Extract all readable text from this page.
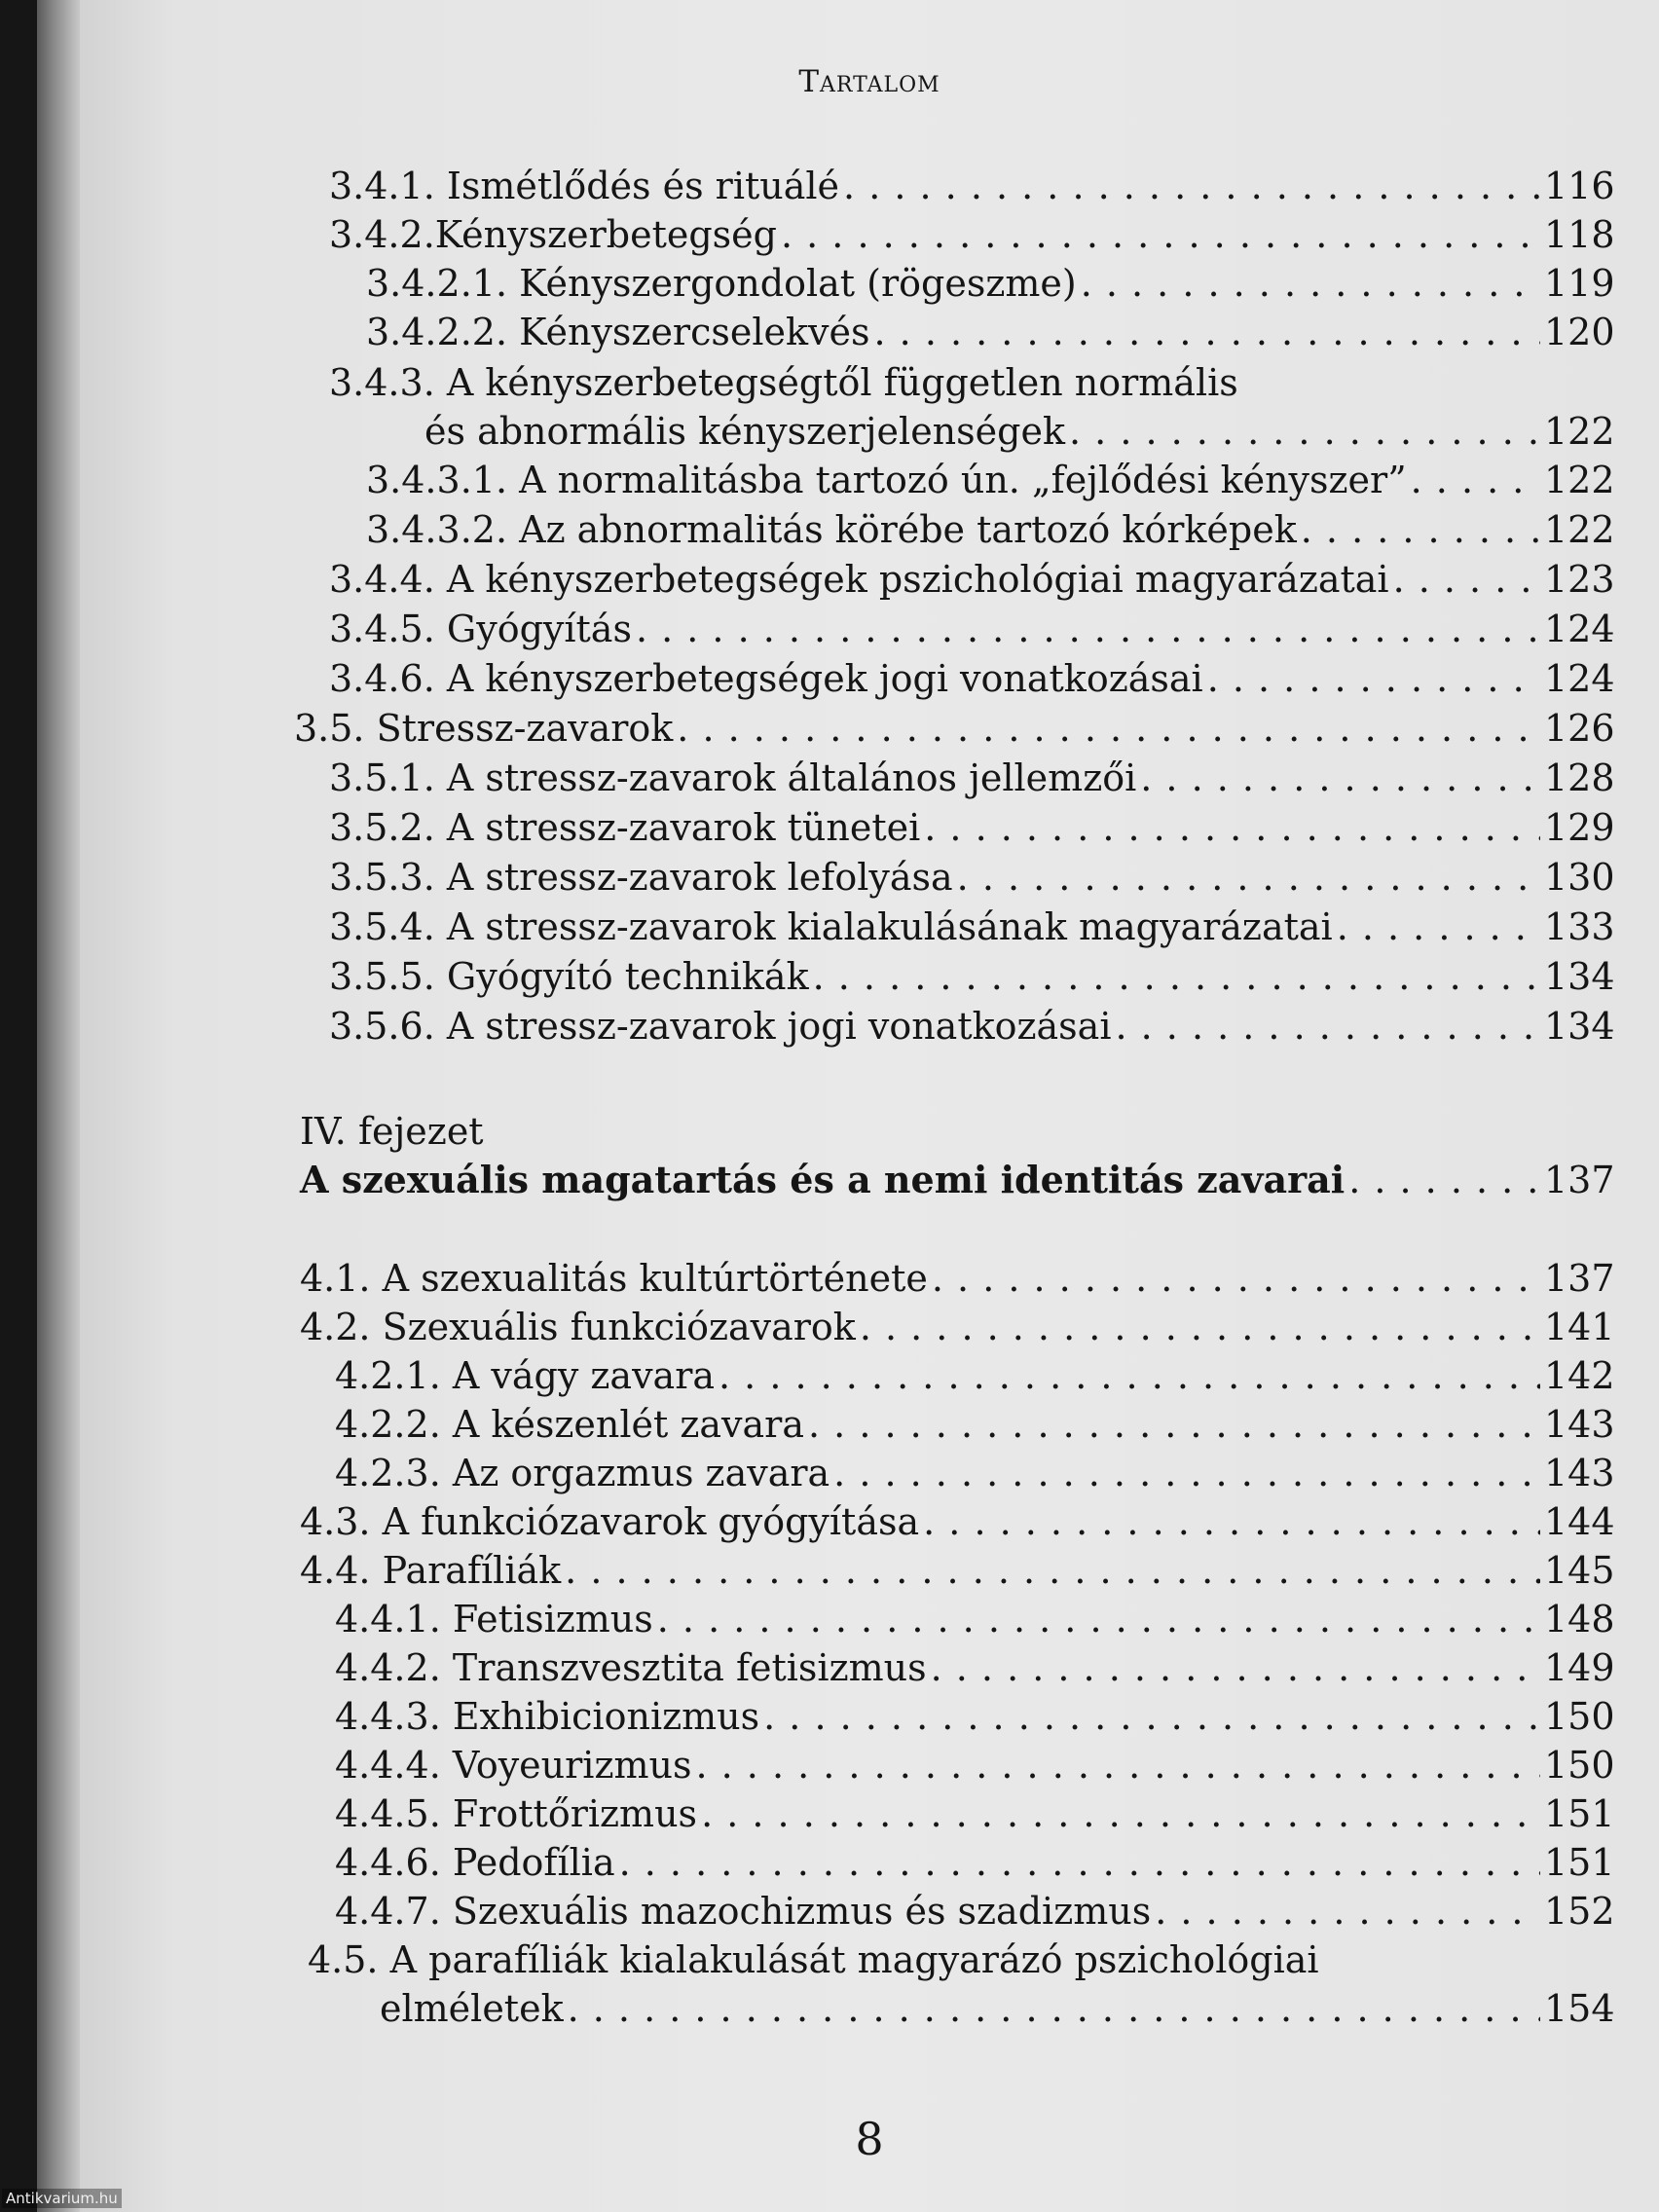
Tartalom
3.4.1. Ismétlődés és rituálé . . .	116
3.4.2.Kényszerbetegség . . .	118
3.4.2.1. Kényszergondolat (rögeszme) . . .	119
3.4.2.2. Kényszercselekvés . . .	120
3.4.3. A kényszerbetegségtől független normális
és abnormális kényszerjelenségek . . .	122
3.4.3.1. A normalitásba tartozó ún. „fejlődési kényszer” . . .	122
3.4.3.2. Az abnormalitás körébe tartozó kórképek . . .	122
3.4.4. A kényszerbetegségek pszichológiai magyarázatai . . .	123
3.4.5. Gyógyítás . . .	124
3.4.6. A kényszerbetegségek jogi vonatkozásai . . .	124
3.5. Stressz-zavarok . . .	126
3.5.1. A stressz-zavarok általános jellemzői . . .	128
3.5.2. A stressz-zavarok tünetei . . .	129
3.5.3. A stressz-zavarok lefolyása . . .	130
3.5.4. A stressz-zavarok kialakulásának magyarázatai . . .	133
3.5.5. Gyógyító technikák . . .	134
3.5.6. A stressz-zavarok jogi vonatkozásai . . .	134
IV. fejezet
A szexuális magatartás és a nemi identitás zavarai . . .	137
4.1. A szexualitás kultúrtörténete . . .	137
4.2. Szexuális funkciózavarok . . .	141
4.2.1. A vágy zavara . . .	142
4.2.2. A készenlét zavara . . .	143
4.2.3. Az orgazmus zavara . . .	143
4.3. A funkciózavarok gyógyítása . . .	144
4.4. Parafíliák . . .	145
4.4.1. Fetisizmus . . .	148
4.4.2. Transzvesztita fetisizmus . . .	149
4.4.3. Exhibicionizmus . . .	150
4.4.4. Voyeurizmus . . .	150
4.4.5. Frottőrizmus . . .	151
4.4.6. Pedofília . . .	151
4.4.7. Szexuális mazochizmus és szadizmus . . .	152
4.5. A parafíliák kialakulását magyarázó pszichológiai
elméletek . . .	154
8
Antikvarium.hu
